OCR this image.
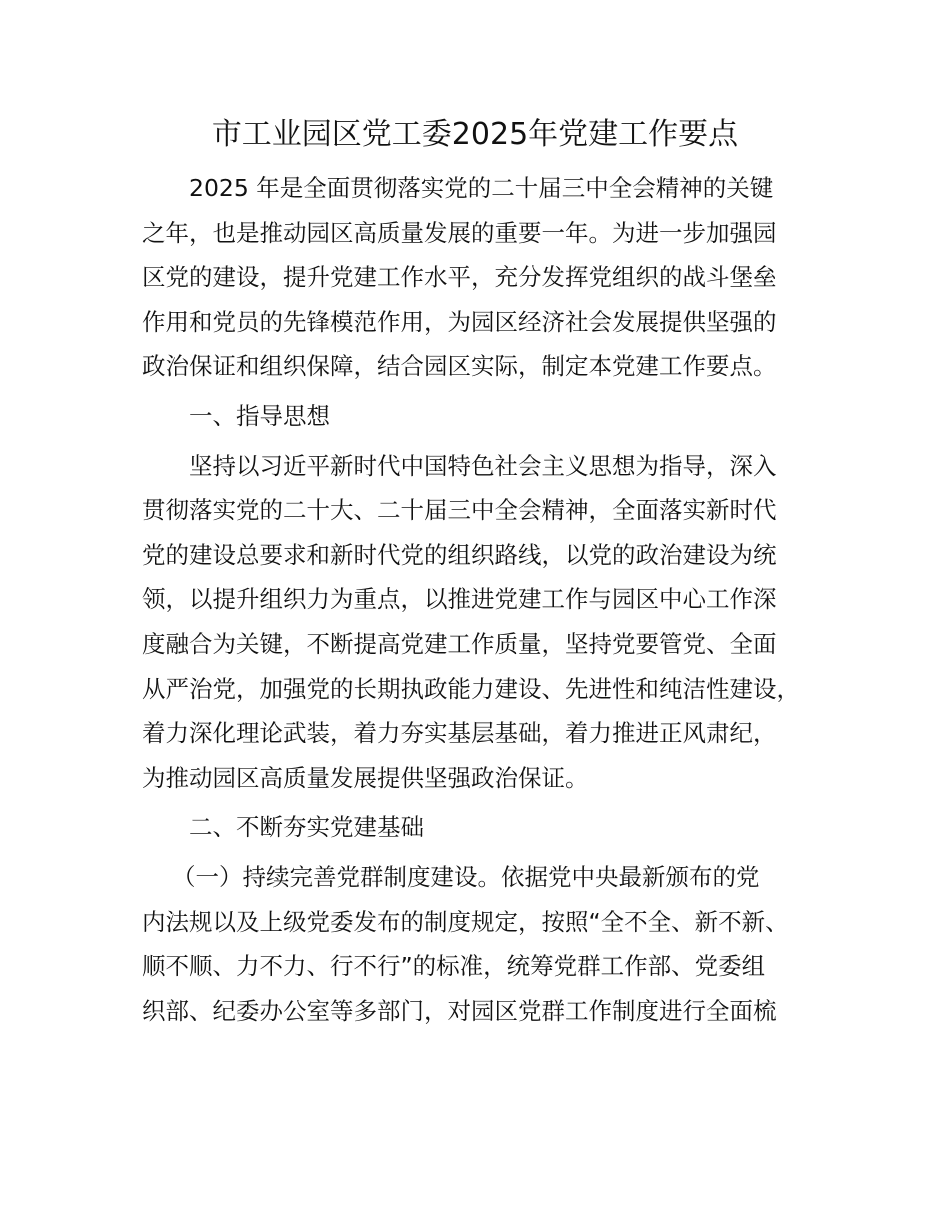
市工业园区党工委2025年党建工作要点
2025 年是全面贯彻落实党的二十届三中全会精神的关键
之年，也是推动园区高质量发展的重要一年。为进一步加强园
区党的建设，提升党建工作水平，充分发挥党组织的战斗堡垒
作用和党员的先锋模范作用，为园区经济社会发展提供坚强的
政治保证和组织保障，结合园区实际，制定本党建工作要点。
一、指导思想
坚持以习近平新时代中国特色社会主义思想为指导，深入
贯彻落实党的二十大、二十届三中全会精神，全面落实新时代
党的建设总要求和新时代党的组织路线，以党的政治建设为统
领，以提升组织力为重点，以推进党建工作与园区中心工作深
度融合为关键，不断提高党建工作质量，坚持党要管党、全面
从严治党，加强党的长期执政能力建设、先进性和纯洁性建设，
着力深化理论武装，着力夯实基层基础，着力推进正风肃纪，
为推动园区高质量发展提供坚强政治保证。
二、不断夯实党建基础
（一）持续完善党群制度建设。依据党中央最新颁布的党
内法规以及上级党委发布的制度规定，按照“全不全、新不新、
顺不顺、力不力、行不行”的标准，统筹党群工作部、党委组
织部、纪委办公室等多部门，对园区党群工作制度进行全面梳
